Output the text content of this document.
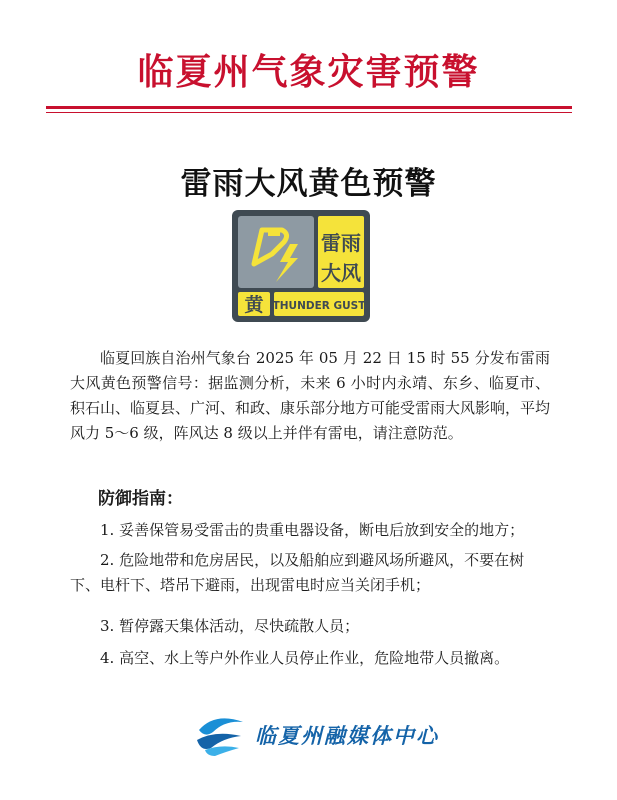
临夏州气象灾害预警
雷雨大风黄色预警
雷雨
大风
黄 THUNDER GUST
临夏回族自治州气象台 2025 年 05 月 22 日 15 时 55 分发布雷雨大风黄色预警信号：据监测分析，未来 6 小时内永靖、东乡、临夏市、积石山、临夏县、广河、和政、康乐部分地方可能受雷雨大风影响，平均风力 5～6 级，阵风达 8 级以上并伴有雷电，请注意防范。
防御指南：
1. 妥善保管易受雷击的贵重电器设备，断电后放到安全的地方；
2. 危险地带和危房居民，以及船舶应到避风场所避风，不要在树下、电杆下、塔吊下避雨，出现雷电时应当关闭手机；
3. 暂停露天集体活动，尽快疏散人员；
4. 高空、水上等户外作业人员停止作业，危险地带人员撤离。
临夏州融媒体中心
